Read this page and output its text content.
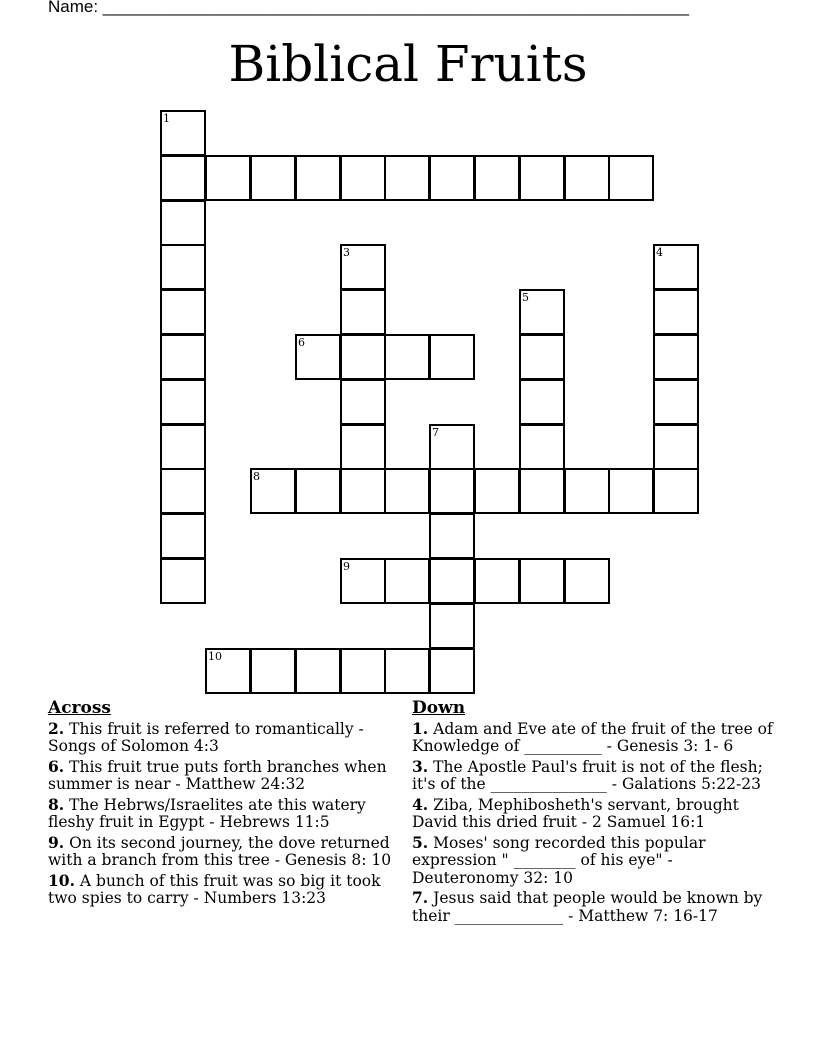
Name: ______________________________________________________________
Biblical Fruits
1
3	4
5
6
7
8
9
10
Across
2. This fruit is referred to romantically - Songs of Solomon 4:3
6. This fruit true puts forth branches when summer is near - Matthew 24:32
8. The Hebrws/Israelites ate this watery fleshy fruit in Egypt - Hebrews 11:5
9. On its second journey, the dove returned with a branch from this tree - Genesis 8: 10
10. A bunch of this fruit was so big it took two spies to carry - Numbers 13:23
Down
1. Adam and Eve ate of the fruit of the tree of Knowledge of __________ - Genesis 3: 1- 6
3. The Apostle Paul's fruit is not of the flesh; it's of the _______________ - Galations 5:22-23
4. Ziba, Mephibosheth's servant, brought David this dried fruit - 2 Samuel 16:1
5. Moses' song recorded this popular expression " ________ of his eye" - Deuteronomy 32: 10
7. Jesus said that people would be known by their ______________ - Matthew 7: 16-17
